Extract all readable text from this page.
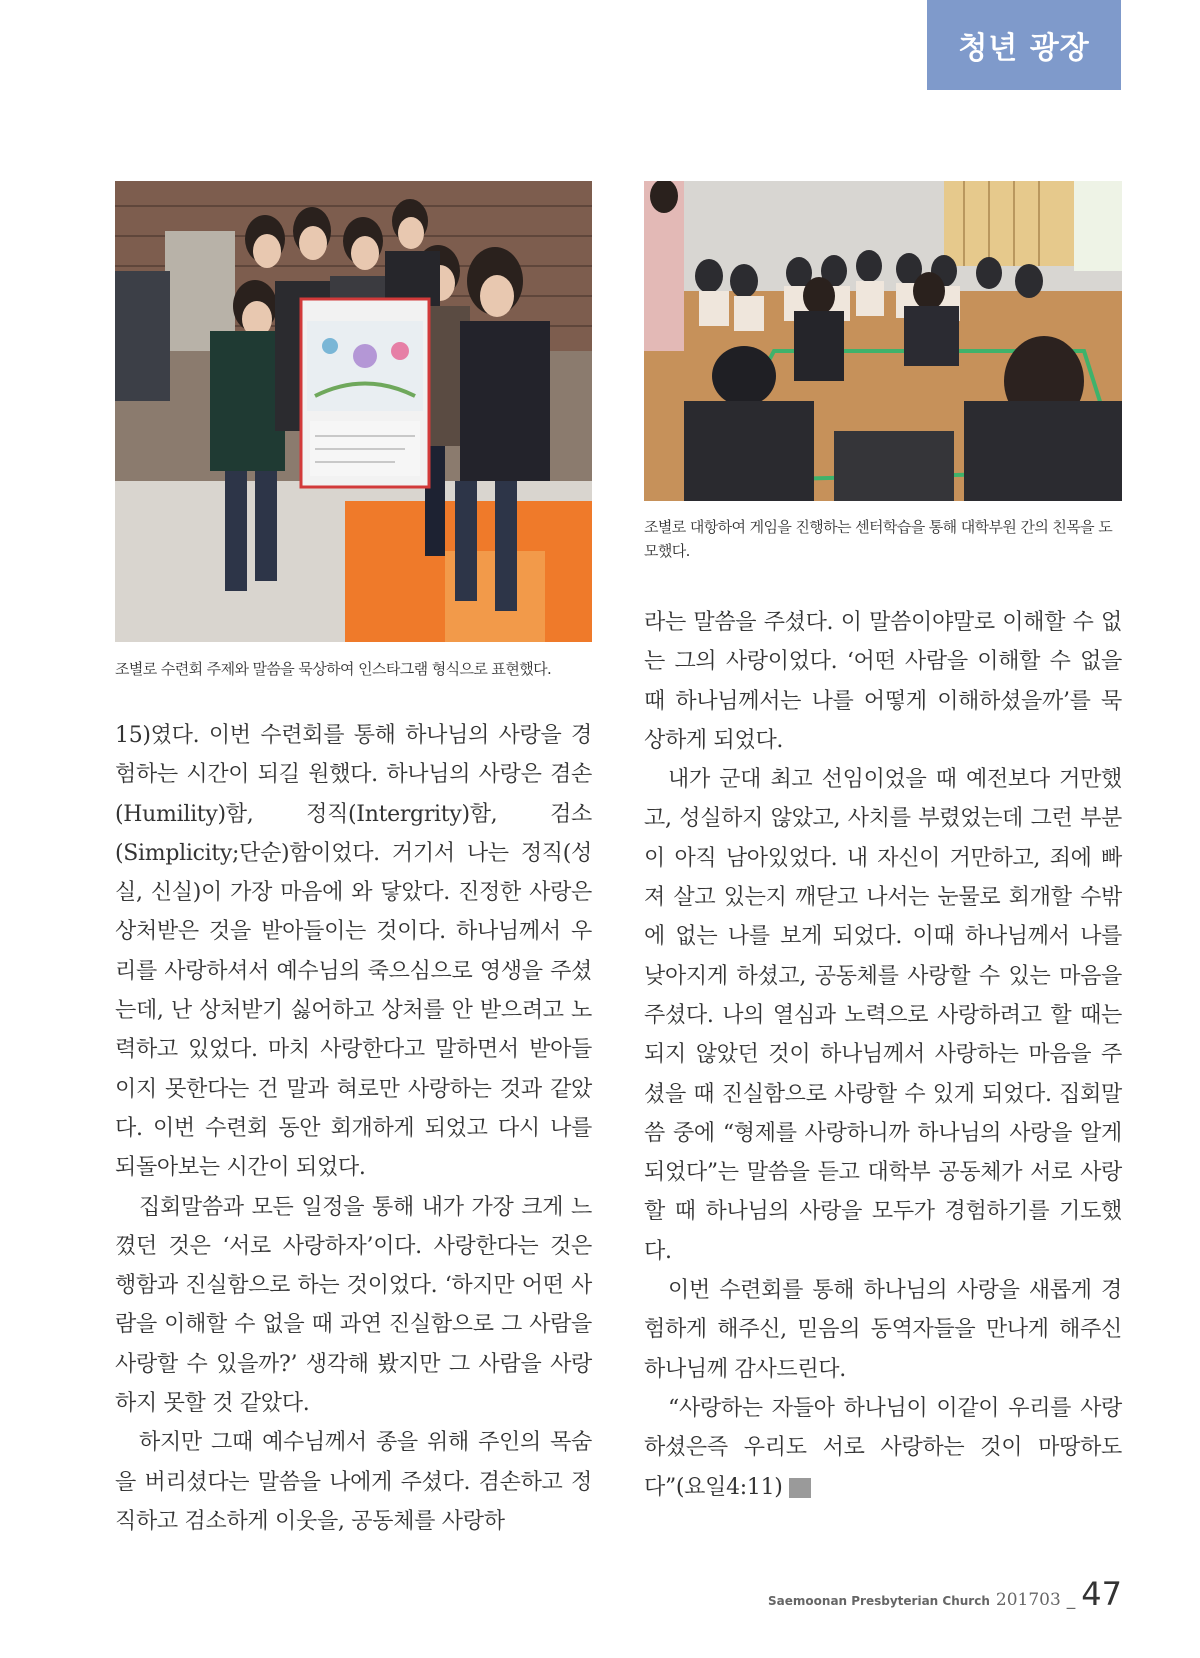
청년 광장
조별로 수련회 주제와 말씀을 묵상하여 인스타그램 형식으로 표현했다.
조별로 대항하여 게임을 진행하는 센터학습을 통해 대학부원 간의 친목을 도모했다.

15)였다. 이번 수련회를 통해 하나님의 사랑을 경험하는 시간이 되길 원했다. 하나님의 사랑은 겸손(Humility)함, 정직(Intergrity)함, 검소(Simplicity;단순)함이었다. 거기서 나는 정직(성실, 신실)이 가장 마음에 와 닿았다. 진정한 사랑은 상처받은 것을 받아들이는 것이다. 하나님께서 우리를 사랑하셔서 예수님의 죽으심으로 영생을 주셨는데, 난 상처받기 싫어하고 상처를 안 받으려고 노력하고 있었다. 마치 사랑한다고 말하면서 받아들이지 못한다는 건 말과 혀로만 사랑하는 것과 같았다. 이번 수련회 동안 회개하게 되었고 다시 나를 되돌아보는 시간이 되었다.

집회말씀과 모든 일정을 통해 내가 가장 크게 느꼈던 것은 ‘서로 사랑하자’이다. 사랑한다는 것은 행함과 진실함으로 하는 것이었다. ‘하지만 어떤 사람을 이해할 수 없을 때 과연 진실함으로 그 사람을 사랑할 수 있을까?’ 생각해 봤지만 그 사람을 사랑하지 못할 것 같았다.

하지만 그때 예수님께서 종을 위해 주인의 목숨을 버리셨다는 말씀을 나에게 주셨다. 겸손하고 정직하고 검소하게 이웃을, 공동체를 사랑하

라는 말씀을 주셨다. 이 말씀이야말로 이해할 수 없는 그의 사랑이었다. ‘어떤 사람을 이해할 수 없을 때 하나님께서는 나를 어떻게 이해하셨을까’를 묵상하게 되었다.

내가 군대 최고 선임이었을 때 예전보다 거만했고, 성실하지 않았고, 사치를 부렸었는데 그런 부분이 아직 남아있었다. 내 자신이 거만하고, 죄에 빠져 살고 있는지 깨닫고 나서는 눈물로 회개할 수밖에 없는 나를 보게 되었다. 이때 하나님께서 나를 낮아지게 하셨고, 공동체를 사랑할 수 있는 마음을 주셨다. 나의 열심과 노력으로 사랑하려고 할 때는 되지 않았던 것이 하나님께서 사랑하는 마음을 주셨을 때 진실함으로 사랑할 수 있게 되었다. 집회말씀 중에 “형제를 사랑하니까 하나님의 사랑을 알게 되었다”는 말씀을 듣고 대학부 공동체가 서로 사랑할 때 하나님의 사랑을 모두가 경험하기를 기도했다.

이번 수련회를 통해 하나님의 사랑을 새롭게 경험하게 해주신, 믿음의 동역자들을 만나게 해주신 하나님께 감사드린다.

“사랑하는 자들아 하나님이 이같이 우리를 사랑하셨은즉 우리도 서로 사랑하는 것이 마땅하도다”(요일4:11) 세

Saemoonan Presbyterian Church 201703 _ 47
